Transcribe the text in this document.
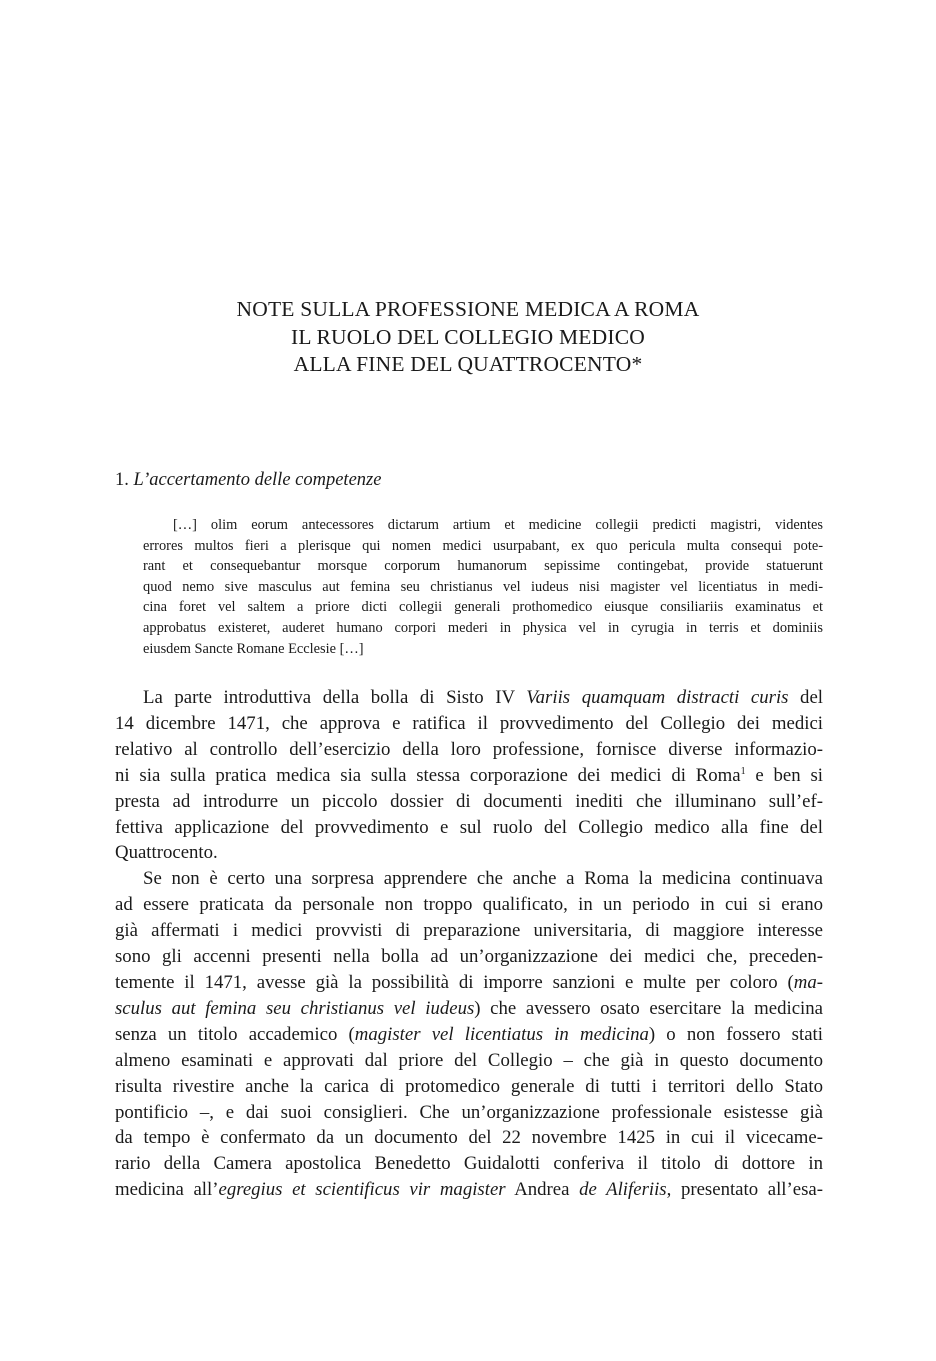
NOTE SULLA PROFESSIONE MEDICA A ROMA
IL RUOLO DEL COLLEGIO MEDICO
ALLA FINE DEL QUATTROCENTO*
1. L’accertamento delle competenze
[…] olim eorum antecessores dictarum artium et medicine collegii predicti magistri, videntes
errores multos fieri a plerisque qui nomen medici usurpabant, ex quo pericula multa consequi pote-
rant et consequebantur morsque corporum humanorum sepissime contingebat, provide statuerunt
quod nemo sive masculus aut femina seu christianus vel iudeus nisi magister vel licentiatus in medi-
cina foret vel saltem a priore dicti collegii generali prothomedico eiusque consiliariis examinatus et
approbatus existeret, auderet humano corpori mederi in physica vel in cyrugia in terris et dominiis
eiusdem Sancte Romane Ecclesie […]
La parte introduttiva della bolla di Sisto IV Variis quamquam distracti curis del
14 dicembre 1471, che approva e ratifica il provvedimento del Collegio dei medici
relativo al controllo dell’esercizio della loro professione, fornisce diverse informazio-
ni sia sulla pratica medica sia sulla stessa corporazione dei medici di Roma$^1$ e ben si
presta ad introdurre un piccolo dossier di documenti inediti che illuminano sull’ef-
fettiva applicazione del provvedimento e sul ruolo del Collegio medico alla fine del
Quattrocento.
Se non è certo una sorpresa apprendere che anche a Roma la medicina continuava
ad essere praticata da personale non troppo qualificato, in un periodo in cui si erano
già affermati i medici provvisti di preparazione universitaria, di maggiore interesse
sono gli accenni presenti nella bolla ad un’organizzazione dei medici che, preceden-
temente il 1471, avesse già la possibilità di imporre sanzioni e multe per coloro (ma-
sculus aut femina seu christianus vel iudeus) che avessero osato esercitare la medicina
senza un titolo accademico (magister vel licentiatus in medicina) o non fossero stati
almeno esaminati e approvati dal priore del Collegio – che già in questo documento
risulta rivestire anche la carica di protomedico generale di tutti i territori dello Stato
pontificio –, e dai suoi consiglieri. Che un’organizzazione professionale esistesse già
da tempo è confermato da un documento del 22 novembre 1425 in cui il vicecame-
rario della Camera apostolica Benedetto Guidalotti conferiva il titolo di dottore in
medicina all’egregius et scientificus vir magister Andrea de Aliferiis, presentato all’esa-
